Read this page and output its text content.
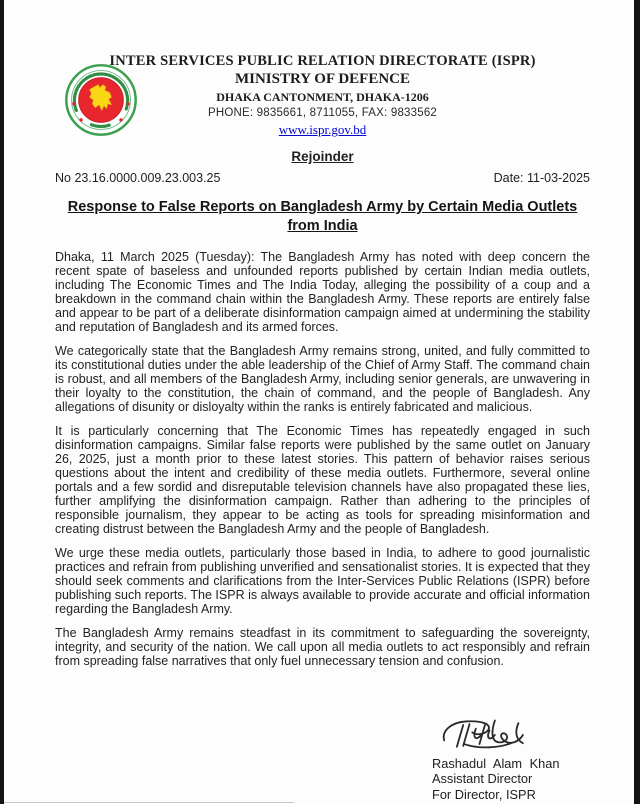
INTER SERVICES PUBLIC RELATION DIRECTORATE (ISPR)
MINISTRY OF DEFENCE
DHAKA CANTONMENT, DHAKA-1206
PHONE: 9835661, 8711055, FAX: 9833562
www.ispr.gov.bd
Rejoinder
No 23.16.0000.009.23.003.25	Date: 11-03-2025
Response to False Reports on Bangladesh Army by Certain Media Outlets from India

Dhaka, 11 March 2025 (Tuesday): The Bangladesh Army has noted with deep concern the recent spate of baseless and unfounded reports published by certain Indian media outlets, including The Economic Times and The India Today, alleging the possibility of a coup and a breakdown in the command chain within the Bangladesh Army. These reports are entirely false and appear to be part of a deliberate disinformation campaign aimed at undermining the stability and reputation of Bangladesh and its armed forces.

We categorically state that the Bangladesh Army remains strong, united, and fully committed to its constitutional duties under the able leadership of the Chief of Army Staff. The command chain is robust, and all members of the Bangladesh Army, including senior generals, are unwavering in their loyalty to the constitution, the chain of command, and the people of Bangladesh. Any allegations of disunity or disloyalty within the ranks is entirely fabricated and malicious.

It is particularly concerning that The Economic Times has repeatedly engaged in such disinformation campaigns. Similar false reports were published by the same outlet on January 26, 2025, just a month prior to these latest stories. This pattern of behavior raises serious questions about the intent and credibility of these media outlets. Furthermore, several online portals and a few sordid and disreputable television channels have also propagated these lies, further amplifying the disinformation campaign. Rather than adhering to the principles of responsible journalism, they appear to be acting as tools for spreading misinformation and creating distrust between the Bangladesh Army and the people of Bangladesh.

We urge these media outlets, particularly those based in India, to adhere to good journalistic practices and refrain from publishing unverified and sensationalist stories. It is expected that they should seek comments and clarifications from the Inter-Services Public Relations (ISPR) before publishing such reports. The ISPR is always available to provide accurate and official information regarding the Bangladesh Army.

The Bangladesh Army remains steadfast in its commitment to safeguarding the sovereignty, integrity, and security of the nation. We call upon all media outlets to act responsibly and refrain from spreading false narratives that only fuel unnecessary tension and confusion.

Rashadul Alam Khan
Assistant Director
For Director, ISPR
